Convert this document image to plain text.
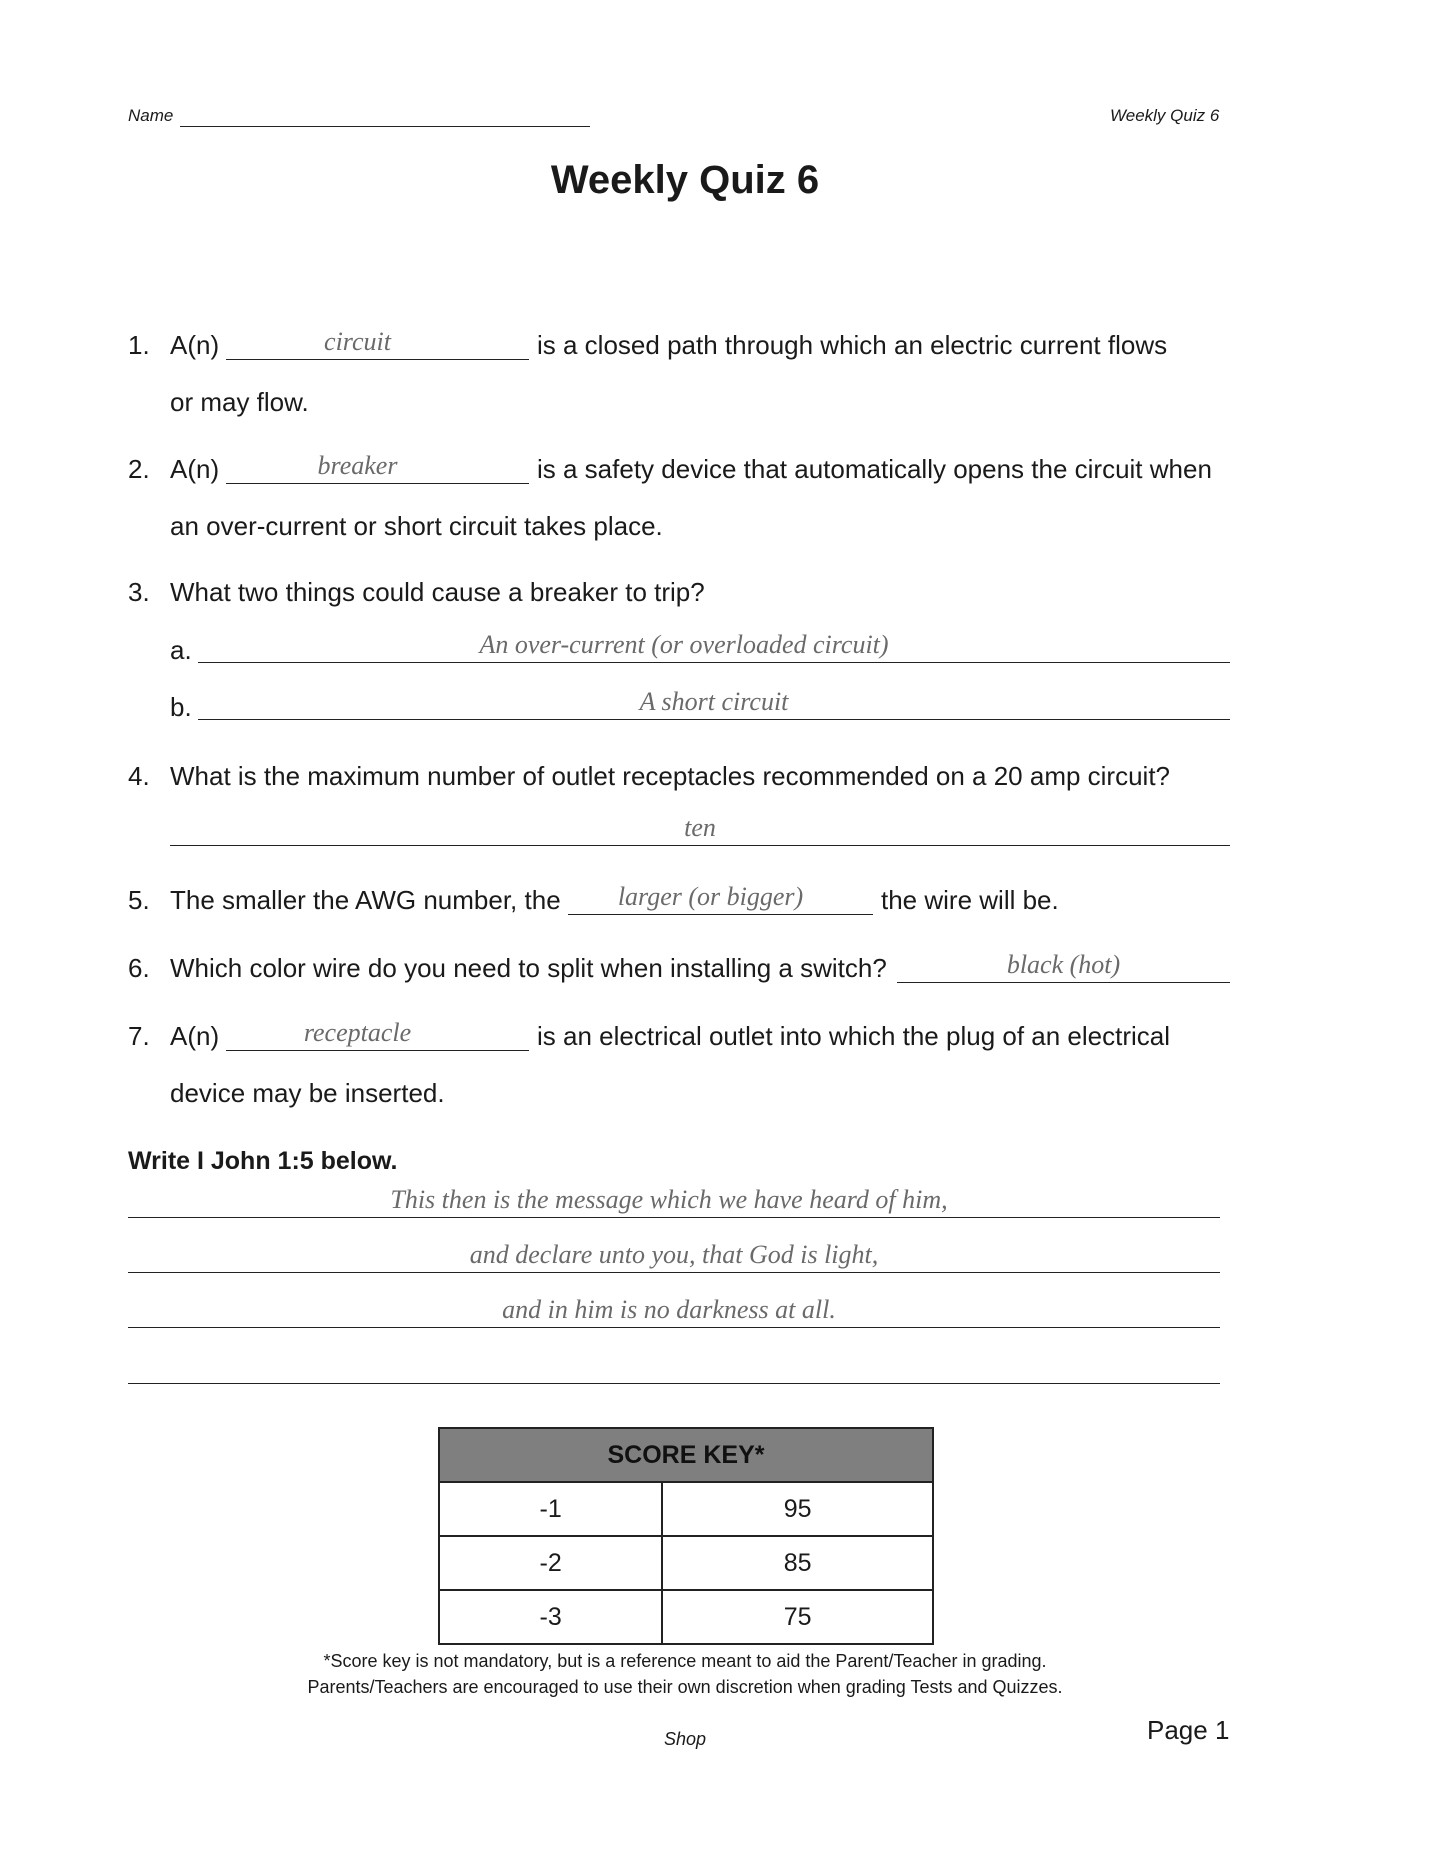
Name	Weekly Quiz 6
Weekly Quiz 6
1. A(n)	circuit	is a closed path through which an electric current flows
or may flow.
2. A(n)	breaker	is a safety device that automatically opens the circuit when
an over-current or short circuit takes place.
3. What two things could cause a breaker to trip?
a.	An over-current (or overloaded circuit)
b.	A short circuit
4. What is the maximum number of outlet receptacles recommended on a 20 amp circuit?
ten
5. The smaller the AWG number, the	larger (or bigger)	the wire will be.
6. Which color wire do you need to split when installing a switch?	black (hot)
7. A(n)	receptacle	is an electrical outlet into which the plug of an electrical
device may be inserted.
Write I John 1:5 below.
This then is the message which we have heard of him,
and declare unto you, that God is light,
and in him is no darkness at all.
SCORE KEY*	
-1	95
-2	85
-3	75
*Score key is not mandatory, but is a reference meant to aid the Parent/Teacher in grading.
Parents/Teachers are encouraged to use their own discretion when grading Tests and Quizzes.
Shop	Page 1
